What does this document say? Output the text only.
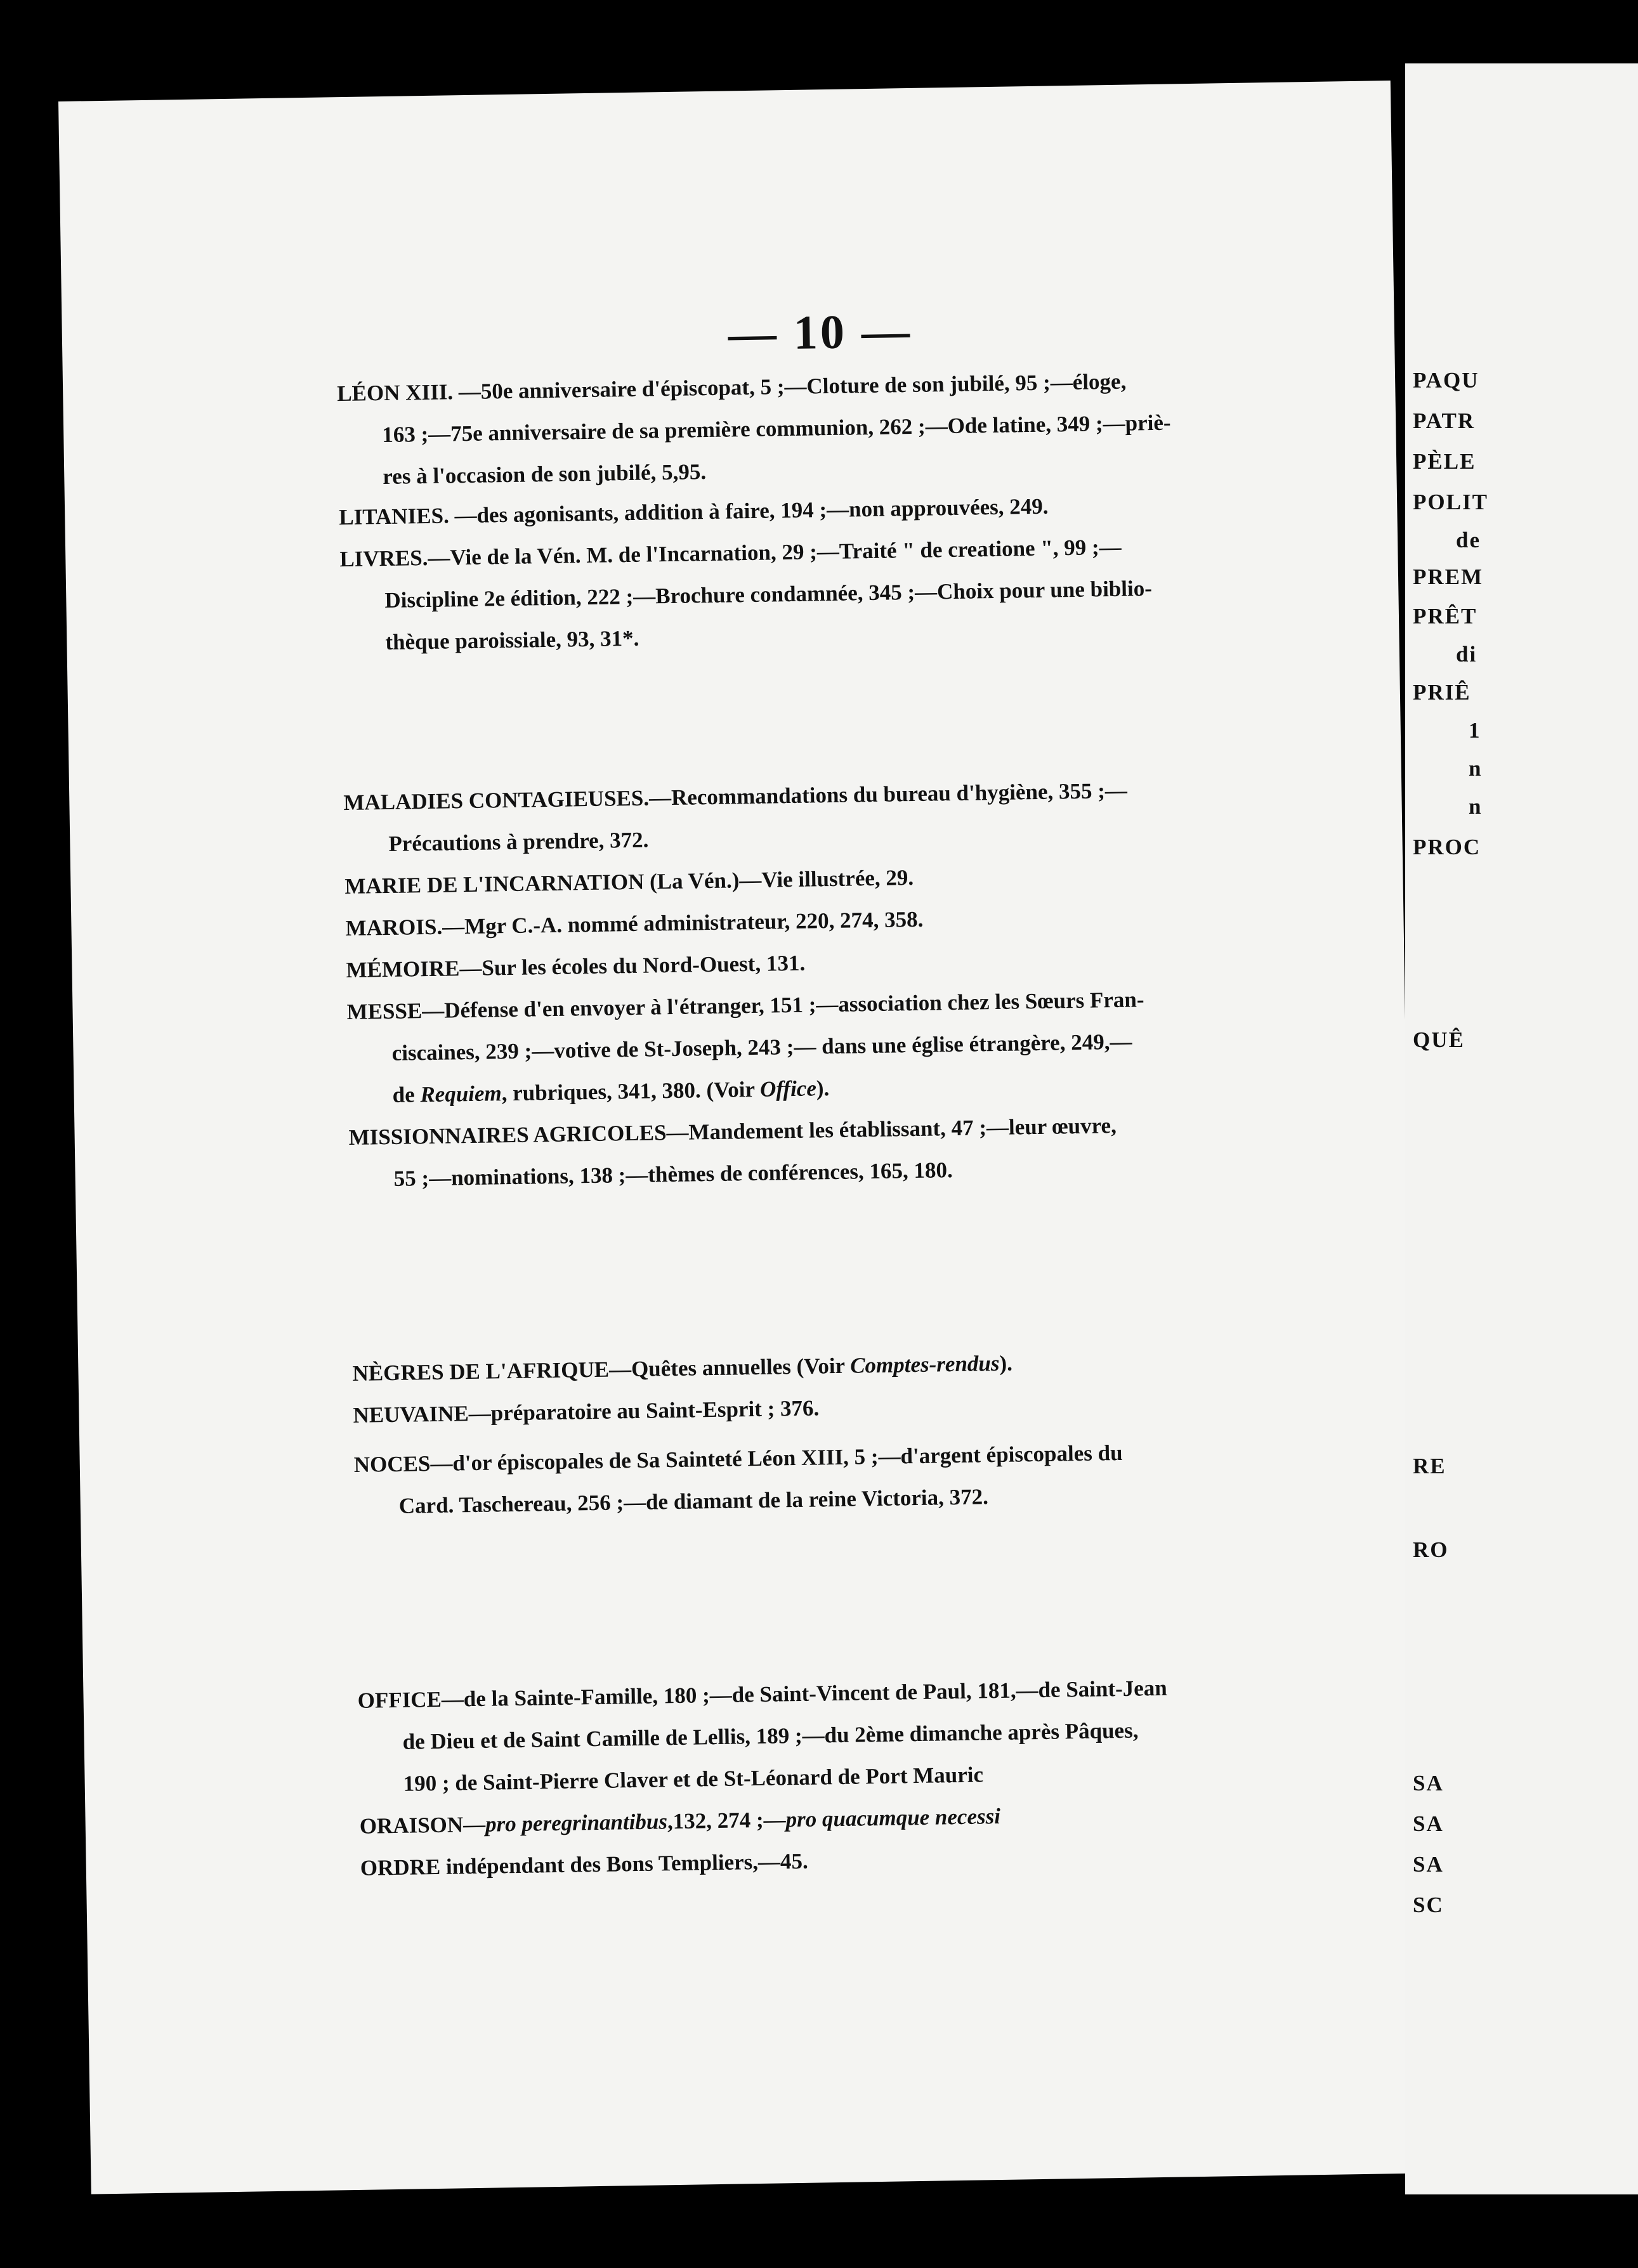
— 10 —
LÉON XIII. —50e anniversaire d'épiscopat, 5 ;—Cloture de son jubilé, 95 ;—éloge,
163 ;—75e anniversaire de sa première communion, 262 ;—Ode latine, 349 ;—priè-
res à l'occasion de son jubilé, 5,95.
LITANIES. —des agonisants, addition à faire, 194 ;—non approuvées, 249.
LIVRES.—Vie de la Vén. M. de l'Incarnation, 29 ;—Traité " de creatione ", 99 ;—
Discipline 2e édition, 222 ;—Brochure condamnée, 345 ;—Choix pour une biblio-
thèque paroissiale, 93, 31*.
MALADIES CONTAGIEUSES.—Recommandations du bureau d'hygiène, 355 ;—
Précautions à prendre, 372.
MARIE DE L'INCARNATION (La Vén.)—Vie illustrée, 29.
MAROIS.—Mgr C.-A. nommé administrateur, 220, 274, 358.
MÉMOIRE—Sur les écoles du Nord-Ouest, 131.
MESSE—Défense d'en envoyer à l'étranger, 151 ;—association chez les Sœurs Fran-
ciscaines, 239 ;—votive de St-Joseph, 243 ;— dans une église étrangère, 249,—
de Requiem, rubriques, 341, 380. (Voir Office).
MISSIONNAIRES AGRICOLES—Mandement les établissant, 47 ;—leur œuvre,
55 ;—nominations, 138 ;—thèmes de conférences, 165, 180.
NÈGRES DE L'AFRIQUE—Quêtes annuelles (Voir Comptes-rendus).
NEUVAINE—préparatoire au Saint-Esprit ; 376.
NOCES—d'or épiscopales de Sa Sainteté Léon XIII, 5 ;—d'argent épiscopales du
Card. Taschereau, 256 ;—de diamant de la reine Victoria, 372.
OFFICE—de la Sainte-Famille, 180 ;—de Saint-Vincent de Paul, 181,—de Saint-Jean
de Dieu et de Saint Camille de Lellis, 189 ;—du 2ème dimanche après Pâques,
190 ; de Saint-Pierre Claver et de St-Léonard de Port Mauric
ORAISON—pro peregrinantibus,132, 274 ;—pro quacumque necessi
ORDRE indépendant des Bons Templiers,—45.
PAQU
PATR
PÈLE
POLIT
de
PREM
PRÊT
di
PRIÊ
1
n
n
PROC
QUÊ
RE
RO
SA
SA
SA
SC
